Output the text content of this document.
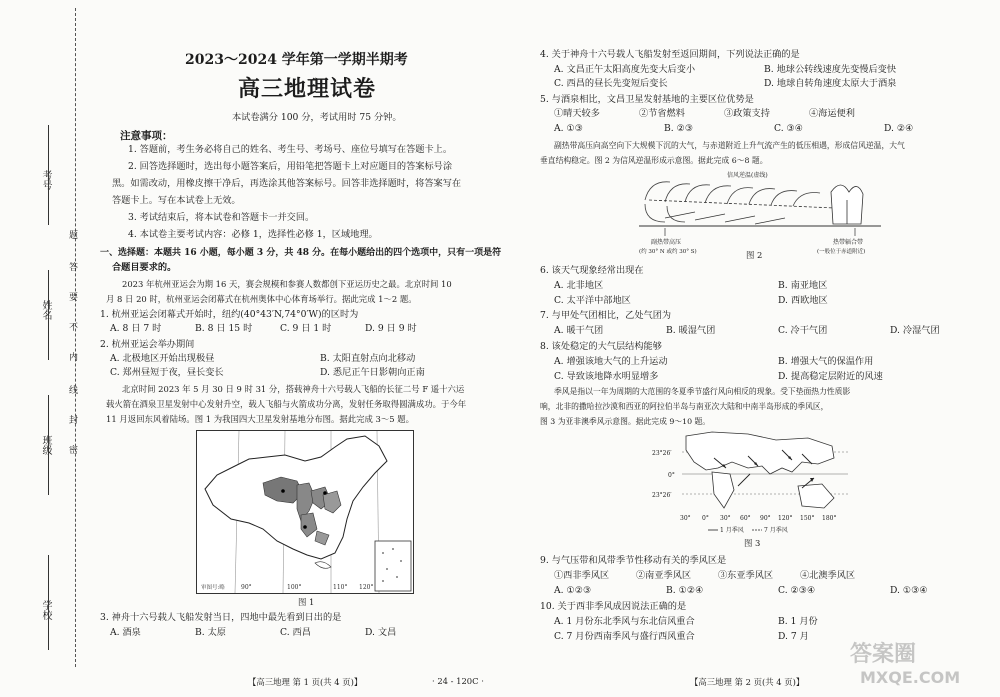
考号
姓名
班级
学校
题
答
要
不
内
线
封
密
2023～2024 学年第一学期半期考
高三地理试卷
本试卷满分 100 分，考试用时 75 分钟。
注意事项：
1. 答题前，考生务必将自己的姓名、考生号、考场号、座位号填写在答题卡上。
2. 回答选择题时，选出每小题答案后，用铅笔把答题卡上对应题目的答案标号涂
黑。如需改动，用橡皮擦干净后，再选涂其他答案标号。回答非选择题时，将答案写在
答题卡上。写在本试卷上无效。
3. 考试结束后，将本试卷和答题卡一并交回。
4. 本试卷主要考试内容：必修 1，选择性必修 1，区域地理。
一、选择题：本题共 16 小题，每小题 3 分，共 48 分。在每小题给出的四个选项中，只有一项是符
合题目要求的。
2023 年杭州亚运会为期 16 天，赛会规模和参赛人数都创下亚运历史之最。北京时间 10
月 8 日 20 时，杭州亚运会闭幕式在杭州奥体中心体育场举行。据此完成 1～2 题。
1. 杭州亚运会闭幕式开始时，纽约(40°43′N,74°0′W)的区时为
A. 8 日 7 时	B. 8 日 15 时	C. 9 日 1 时	D. 9 日 9 时
2. 杭州亚运会举办期间
A. 北极地区开始出现极昼	B. 太阳直射点向北移动
C. 郑州昼短于夜，昼长变长	D. 悉尼正午日影朝向正南
北京时间 2023 年 5 月 30 日 9 时 31 分，搭载神舟十六号载人飞船的长征二号 F 遥十六运
载火箭在酒泉卫星发射中心发射升空，载人飞船与火箭成功分离，发射任务取得圆满成功。于今年
11 月返回东风着陆场。图 1 为我国四大卫星发射基地分布图。据此完成 3～5 题。
90°	100°	110° 120°
审图号:略
图 1
3. 神舟十六号载人飞船发射当日，四地中最先看到日出的是
A. 酒泉	B. 太原	C. 西昌	D. 文昌
【高三地理 第 1 页(共 4 页)】	· 24 - 120C ·
4. 关于神舟十六号载人飞船发射至返回期间，下列说法正确的是
A. 文昌正午太阳高度先变大后变小	B. 地球公转线速度先变慢后变快
C. 西昌的昼长先变短后变长	D. 地球自转角速度太原大于酒泉
5. 与酒泉相比，文昌卫星发射基地的主要区位优势是
①晴天较多	②节省燃料	③政策支持	④海运便利
A. ①③	B. ②③	C. ③④	D. ②④
副热带高压向高空向下大规模下沉的大气，与赤道附近上升气流产生的低压相遇，形成信风逆温，大气
垂直结构稳定。图 2 为信风逆温形成示意图。据此完成 6～8 题。
信风逆温(虚线)
副热带高压
(约 30° N 或约 30° S)
热带辐合带
(一般位于赤道附近)
图 2
6. 该天气现象经常出现在
A. 北非地区	B. 南亚地区
C. 太平洋中部地区	D. 西欧地区
7. 与甲处气团相比，乙处气团为
A. 暖干气团	B. 暖湿气团	C. 冷干气团	D. 冷湿气团
8. 该处稳定的大气层结构能够
A. 增强该地大气的上升运动	B. 增强大气的保温作用
C. 导致该地降水明显增多	D. 提高稳定层附近的风速
季风是指以一年为周期的大范围的冬夏季节盛行风向相反的现象。受下垫面热力性质影
响，北非的撒哈拉沙漠和西亚的阿拉伯半岛与南亚次大陆和中南半岛形成的季风区，
图 3 为亚非澳季风示意图。据此完成 9～10 题。
23°26′
0°
23°26′
30° 0° 30° 60° 90° 120° 150° 180°
1 月季风	7 月季风
图 3
9. 与气压带和风带季节性移动有关的季风区是
①西非季风区	②南亚季风区	③东亚季风区	④北澳季风区
A. ①②③	B. ①②④	C. ②③④	D. ①③④
10. 关于西非季风成因说法正确的是
A. 1 月份东北季风与东北信风重合	B. 1 月份
C. 7 月份西南季风与盛行西风重合	D. 7 月
【高三地理 第 2 页(共 4 页)】
答案圈
MXQE.COM
